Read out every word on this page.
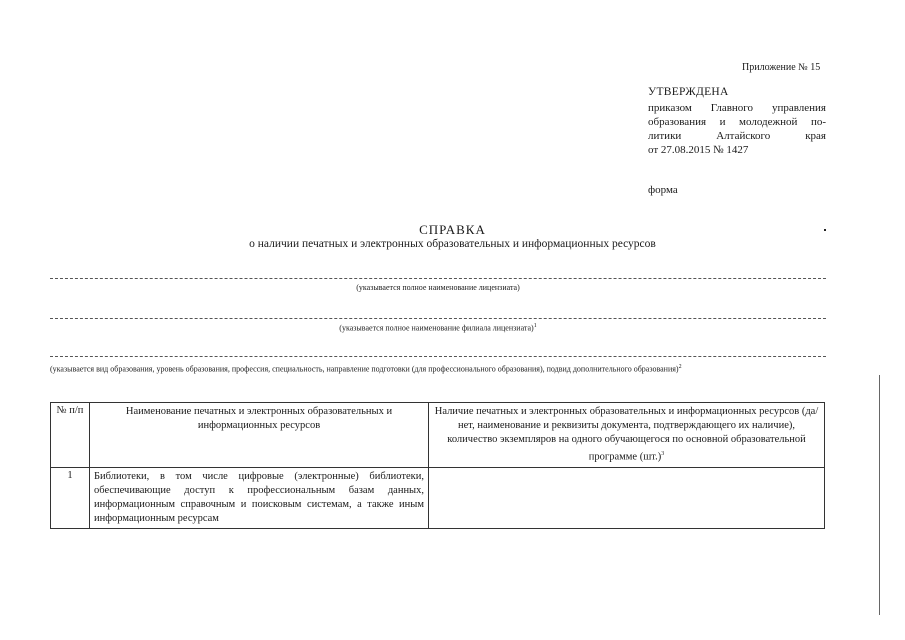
Приложение № 15
УТВЕРЖДЕНА
приказом Главного управления
образования и молодежной по-
литики Алтайского края
от 27.08.2015 № 1427
форма
СПРАВКА
о наличии печатных и электронных образовательных и информационных ресурсов
(указывается полное наименование лицензиата)
(указывается полное наименование филиала лицензиата)$^1$
(указывается вид образования, уровень образования, профессия, специальность, направление подготовки (для профессионального образования), подвид дополнительного образования)$^2$
№ п/п	Наименование печатных и электронных образовательных и информационных ресурсов	Наличие печатных и электронных образовательных и информационных ресурсов (да/нет, наименование и реквизиты документа, подтверждающего их наличие), количество экземпляров на одного обучающегося по основной образовательной программе $(шт.)^3$
1	Библиотеки, в том числе цифровые (электронные) библиотеки, обеспечивающие доступ к профессиональным базам данных, информационным справочным и поисковым системам, а также иным информационным ресурсам	
